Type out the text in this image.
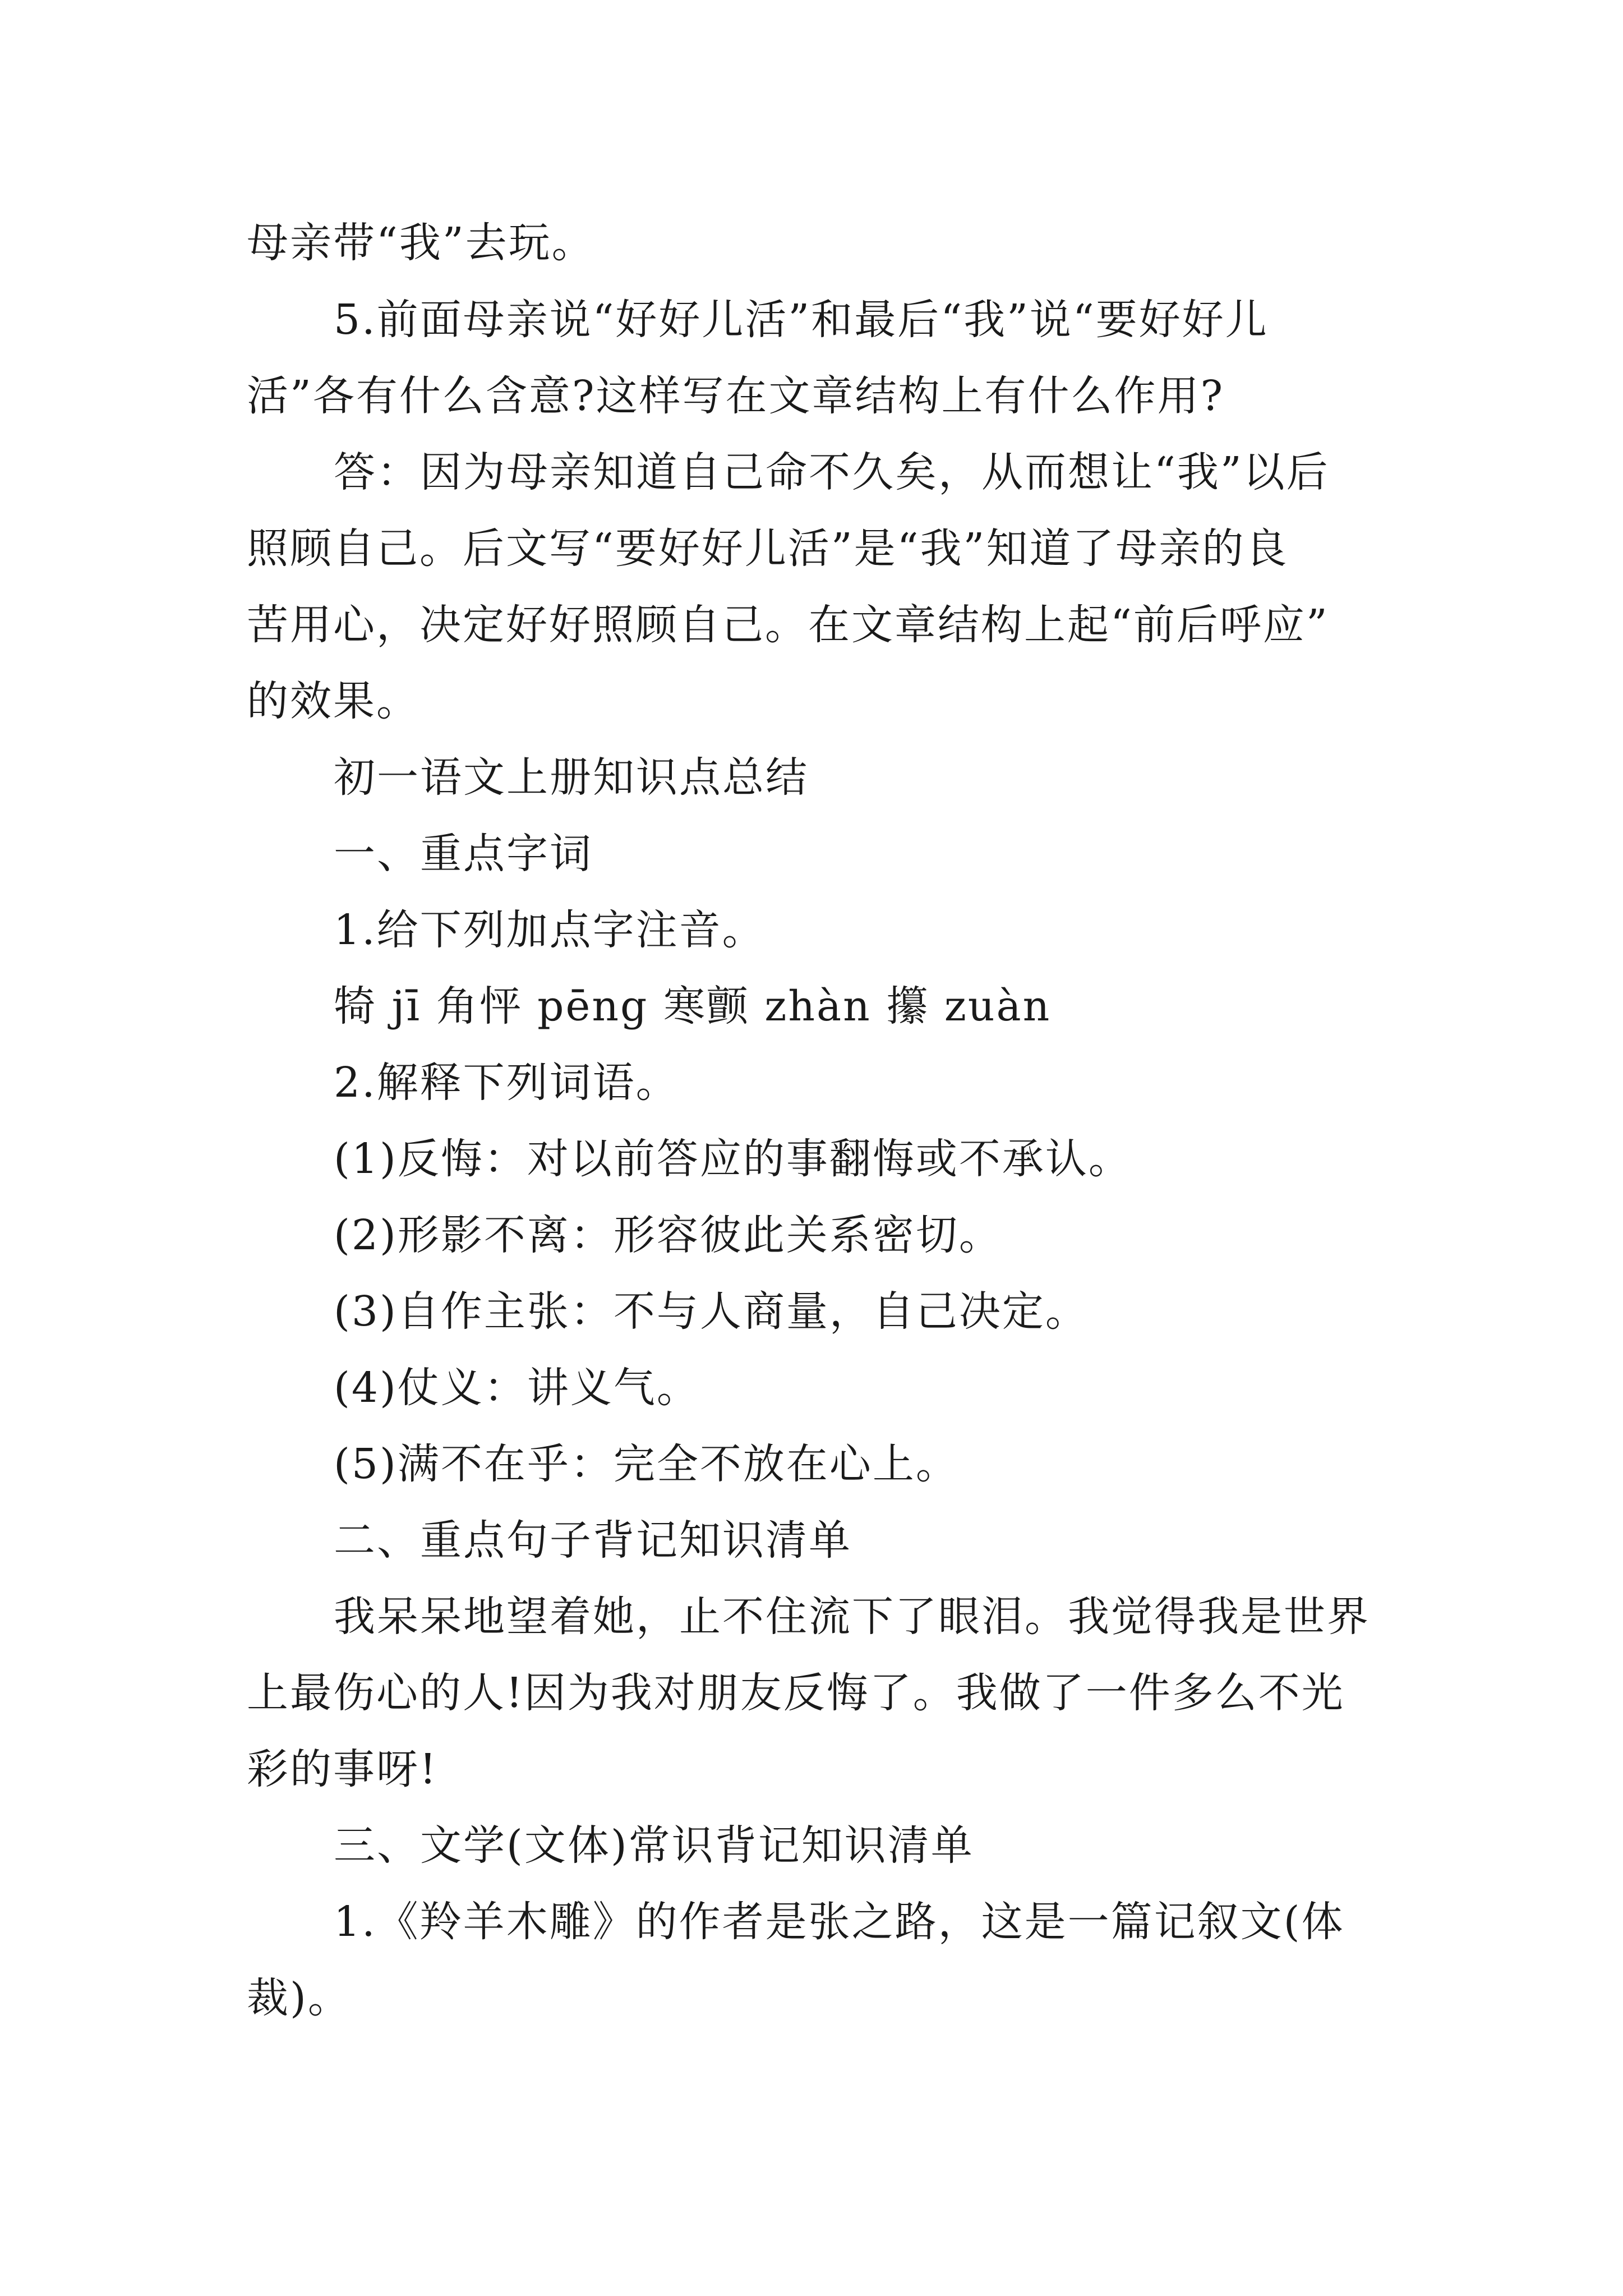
母亲带“我”去玩。
5.前面母亲说“好好儿活”和最后“我”说“要好好儿
活”各有什么含意?这样写在文章结构上有什么作用?
答：因为母亲知道自己命不久矣，从而想让“我”以后
照顾自己。后文写“要好好儿活”是“我”知道了母亲的良
苦用心，决定好好照顾自己。在文章结构上起“前后呼应”
的效果。
初一语文上册知识点总结
一、重点字词
1.给下列加点字注音。
犄 jī 角怦 pēng 寒颤 zhàn 攥 zuàn
2.解释下列词语。
(1)反悔：对以前答应的事翻悔或不承认。
(2)形影不离：形容彼此关系密切。
(3)自作主张：不与人商量，自己决定。
(4)仗义：讲义气。
(5)满不在乎：完全不放在心上。
二、重点句子背记知识清单
我呆呆地望着她，止不住流下了眼泪。我觉得我是世界
上最伤心的人!因为我对朋友反悔了。我做了一件多么不光
彩的事呀!
三、文学(文体)常识背记知识清单
1.《羚羊木雕》的作者是张之路，这是一篇记叙文(体
裁)。
